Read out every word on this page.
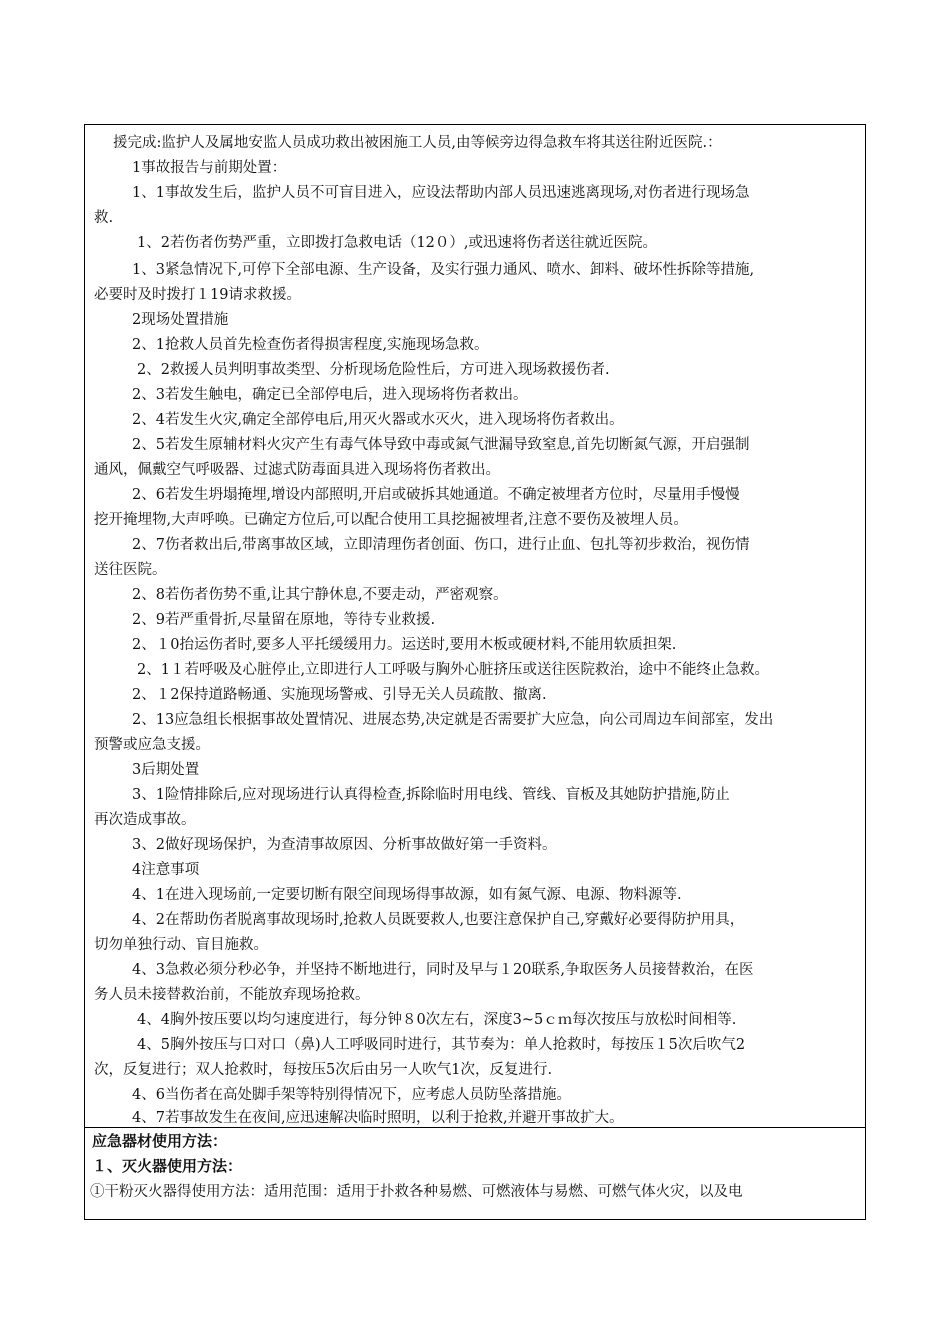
援完成:监护人及属地安监人员成功救出被困施工人员,由等候旁边得急救车将其送往附近医院.：
1事故报告与前期处置：
1、1事故发生后，监护人员不可盲目进入，应设法帮助内部人员迅速逃离现场,对伤者进行现场急
救.
1、2若伤者伤势严重，立即拨打急救电话（12０）,或迅速将伤者送往就近医院。
1、3紧急情况下,可停下全部电源、生产设备，及实行强力通风、喷水、卸料、破坏性拆除等措施,
必要时及时拨打１19请求救援。
2现场处置措施
2、1抢救人员首先检查伤者得损害程度,实施现场急救。
2、2救援人员判明事故类型、分析现场危险性后，方可进入现场救援伤者.
2、3若发生触电，确定已全部停电后，进入现场将伤者救出。
2、4若发生火灾,确定全部停电后,用灭火器或水灭火，进入现场将伤者救出。
2、5若发生原辅材料火灾产生有毒气体导致中毒或氮气泄漏导致窒息,首先切断氮气源，开启强制
通风，佩戴空气呼吸器、过滤式防毒面具进入现场将伤者救出。
2、6若发生坍塌掩埋,增设内部照明,开启或破拆其她通道。不确定被埋者方位时，尽量用手慢慢
挖开掩埋物,大声呼唤。已确定方位后,可以配合使用工具挖掘被埋者,注意不要伤及被埋人员。
2、7伤者救出后,带离事故区域，立即清理伤者创面、伤口，进行止血、包扎等初步救治，视伤情
送往医院。
2、8若伤者伤势不重,让其宁静休息,不要走动，严密观察。
2、9若严重骨折,尽量留在原地，等待专业救援.
2、１0抬运伤者时,要多人平托缓缓用力。运送时,要用木板或硬材料,不能用软质担架.
2、1１若呼吸及心脏停止,立即进行人工呼吸与胸外心脏挤压或送往医院救治，途中不能终止急救。
2、１2保持道路畅通、实施现场警戒、引导无关人员疏散、撤离.
2、13应急组长根据事故处置情况、进展态势,决定就是否需要扩大应急，向公司周边车间部室，发出
预警或应急支援。
3后期处置
3、1险情排除后,应对现场进行认真得检查,拆除临时用电线、管线、盲板及其她防护措施,防止
再次造成事故。
3、2做好现场保护，为查清事故原因、分析事故做好第一手资料。
4注意事项
4、1在进入现场前,一定要切断有限空间现场得事故源，如有氮气源、电源、物料源等.
4、2在帮助伤者脱离事故现场时,抢救人员既要救人,也要注意保护自己,穿戴好必要得防护用具，
切勿单独行动、盲目施救。
4、3急救必须分秒必争，并坚持不断地进行，同时及早与１20联系,争取医务人员接替救治，在医
务人员未接替救治前，不能放弃现场抢救。
4、4胸外按压要以均匀速度进行，每分钟８0次左右，深度3~5ｃｍ每次按压与放松时间相等.
4、5胸外按压与口对口（鼻)人工呼吸同时进行，其节奏为：单人抢救时，每按压１5次后吹气2
次，反复进行；双人抢救时，每按压5次后由另一人吹气1次，反复进行.
4、6当伤者在高处脚手架等特别得情况下，应考虑人员防坠落措施。
4、7若事故发生在夜间,应迅速解决临时照明，以利于抢救,并避开事故扩大。
应急器材使用方法：
１、灭火器使用方法：
①干粉灭火器得使用方法：适用范围：适用于扑救各种易燃、可燃液体与易燃、可燃气体火灾，以及电
